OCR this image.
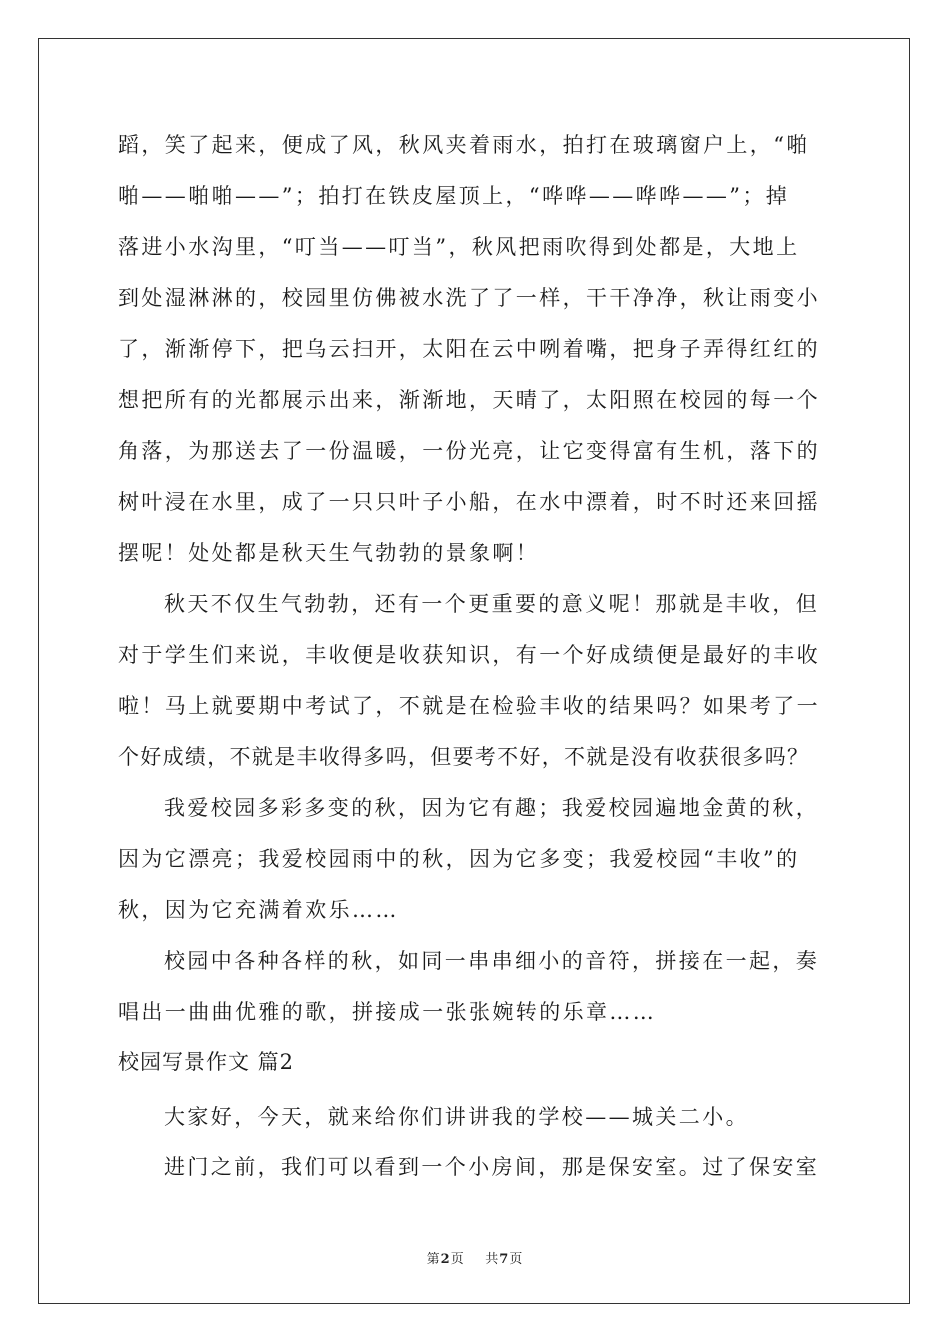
蹈，笑了起来，便成了风，秋风夹着雨水，拍打在玻璃窗户上，“啪
啪——啪啪——”；拍打在铁皮屋顶上，“哗哗——哗哗——”；掉
落进小水沟里，“叮当——叮当”，秋风把雨吹得到处都是，大地上
到处湿淋淋的，校园里仿佛被水洗了了一样，干干净净，秋让雨变小
了，渐渐停下，把乌云扫开，太阳在云中咧着嘴，把身子弄得红红的
想把所有的光都展示出来，渐渐地，天晴了，太阳照在校园的每一个
角落，为那送去了一份温暖，一份光亮，让它变得富有生机，落下的
树叶浸在水里，成了一只只叶子小船，在水中漂着，时不时还来回摇
摆呢！处处都是秋天生气勃勃的景象啊！
秋天不仅生气勃勃，还有一个更重要的意义呢！那就是丰收，但
对于学生们来说，丰收便是收获知识，有一个好成绩便是最好的丰收
啦！马上就要期中考试了，不就是在检验丰收的结果吗？如果考了一
个好成绩，不就是丰收得多吗，但要考不好，不就是没有收获很多吗？
我爱校园多彩多变的秋，因为它有趣；我爱校园遍地金黄的秋，
因为它漂亮；我爱校园雨中的秋，因为它多变；我爱校园“丰收”的
秋，因为它充满着欢乐……
校园中各种各样的秋，如同一串串细小的音符，拼接在一起，奏
唱出一曲曲优雅的歌，拼接成一张张婉转的乐章……
校园写景作文 篇2
大家好，今天，就来给你们讲讲我的学校——城关二小。
进门之前，我们可以看到一个小房间，那是保安室。过了保安室
第2页 共7页
